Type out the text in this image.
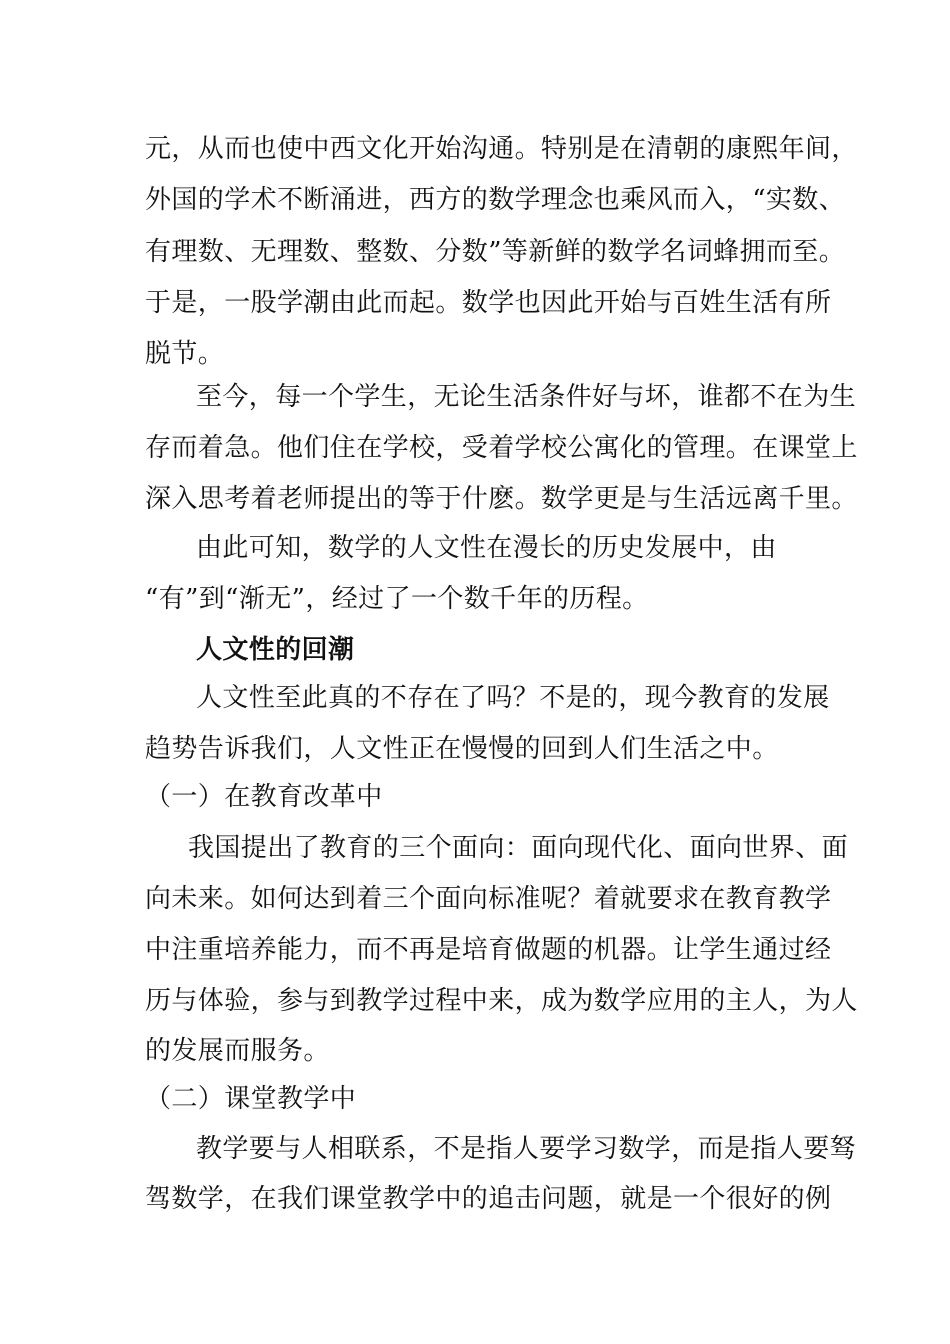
元，从而也使中西文化开始沟通。特别是在清朝的康熙年间，
外国的学术不断涌进，西方的数学理念也乘风而入，“实数、
有理数、无理数、整数、分数”等新鲜的数学名词蜂拥而至。
于是，一股学潮由此而起。数学也因此开始与百姓生活有所
脱节。
至今，每一个学生，无论生活条件好与坏，谁都不在为生
存而着急。他们住在学校，受着学校公寓化的管理。在课堂上
深入思考着老师提出的等于什麽。数学更是与生活远离千里。
由此可知，数学的人文性在漫长的历史发展中，由
“有”到“渐无”，经过了一个数千年的历程。
人文性的回潮
人文性至此真的不存在了吗？不是的，现今教育的发展
趋势告诉我们，人文性正在慢慢的回到人们生活之中。
（一）在教育改革中
我国提出了教育的三个面向：面向现代化、面向世界、面
向未来。如何达到着三个面向标准呢？着就要求在教育教学
中注重培养能力，而不再是培育做题的机器。让学生通过经
历与体验，参与到教学过程中来，成为数学应用的主人，为人
的发展而服务。
（二）课堂教学中
教学要与人相联系，不是指人要学习数学，而是指人要驽
驾数学，在我们课堂教学中的追击问题，就是一个很好的例
